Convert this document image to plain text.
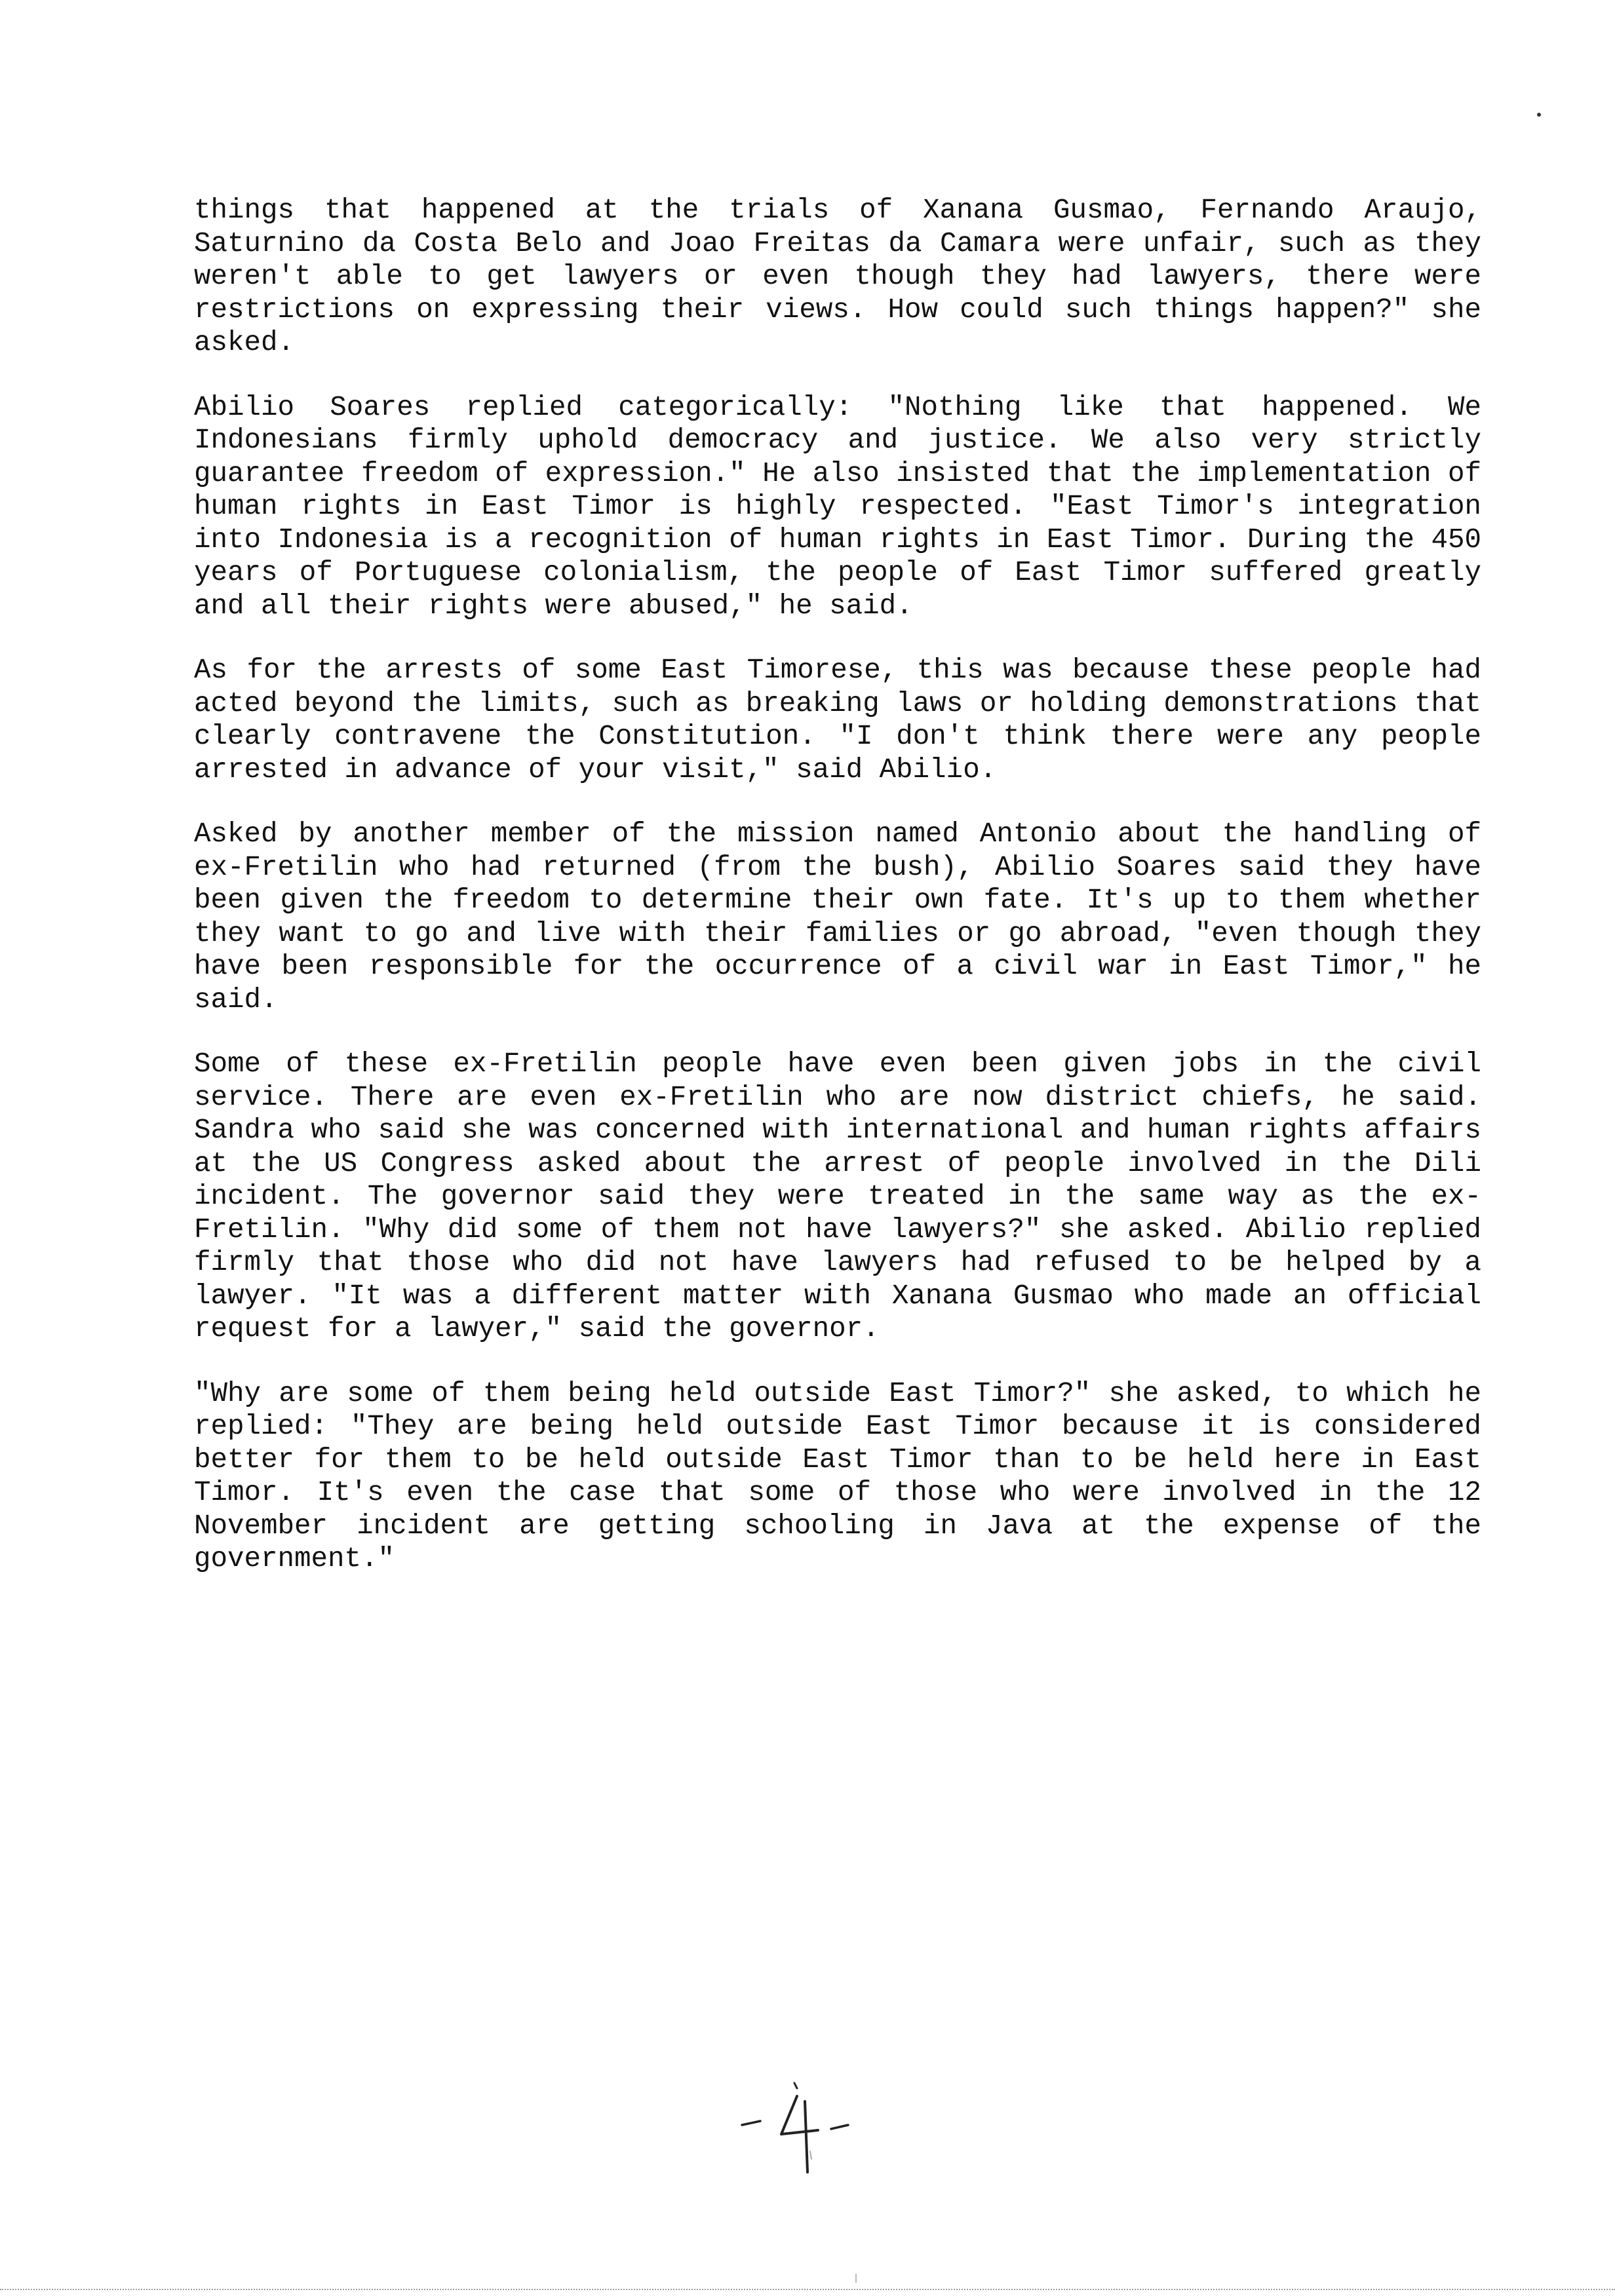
things that happened at the trials of Xanana Gusmao, Fernando Araujo, Saturnino da Costa Belo and Joao Freitas da Camara were unfair, such as they weren't able to get lawyers or even though they had lawyers, there were restrictions on expressing their views. How could such things happen?" she asked.

Abilio Soares replied categorically: "Nothing like that happened. We Indonesians firmly uphold democracy and justice. We also very strictly guarantee freedom of expression." He also insisted that the implementation of human rights in East Timor is highly respected. "East Timor's integration into Indonesia is a recognition of human rights in East Timor. During the 450 years of Portuguese colonialism, the people of East Timor suffered greatly and all their rights were abused," he said.

As for the arrests of some East Timorese, this was because these people had acted beyond the limits, such as breaking laws or holding demonstrations that clearly contravene the Constitution. "I don't think there were any people arrested in advance of your visit," said Abilio.

Asked by another member of the mission named Antonio about the handling of ex-Fretilin who had returned (from the bush), Abilio Soares said they have been given the freedom to determine their own fate. It's up to them whether they want to go and live with their families or go abroad, "even though they have been responsible for the occurrence of a civil war in East Timor," he said.

Some of these ex-Fretilin people have even been given jobs in the civil service. There are even ex-Fretilin who are now district chiefs, he said. Sandra who said she was concerned with international and human rights affairs at the US Congress asked about the arrest of people involved in the Dili incident. The governor said they were treated in the same way as the ex-Fretilin. "Why did some of them not have lawyers?" she asked. Abilio replied firmly that those who did not have lawyers had refused to be helped by a lawyer. "It was a different matter with Xanana Gusmao who made an official request for a lawyer," said the governor.

"Why are some of them being held outside East Timor?" she asked, to which he replied: "They are being held outside East Timor because it is considered better for them to be held outside East Timor than to be held here in East Timor. It's even the case that some of those who were involved in the 12 November incident are getting schooling in Java at the expense of the government."
